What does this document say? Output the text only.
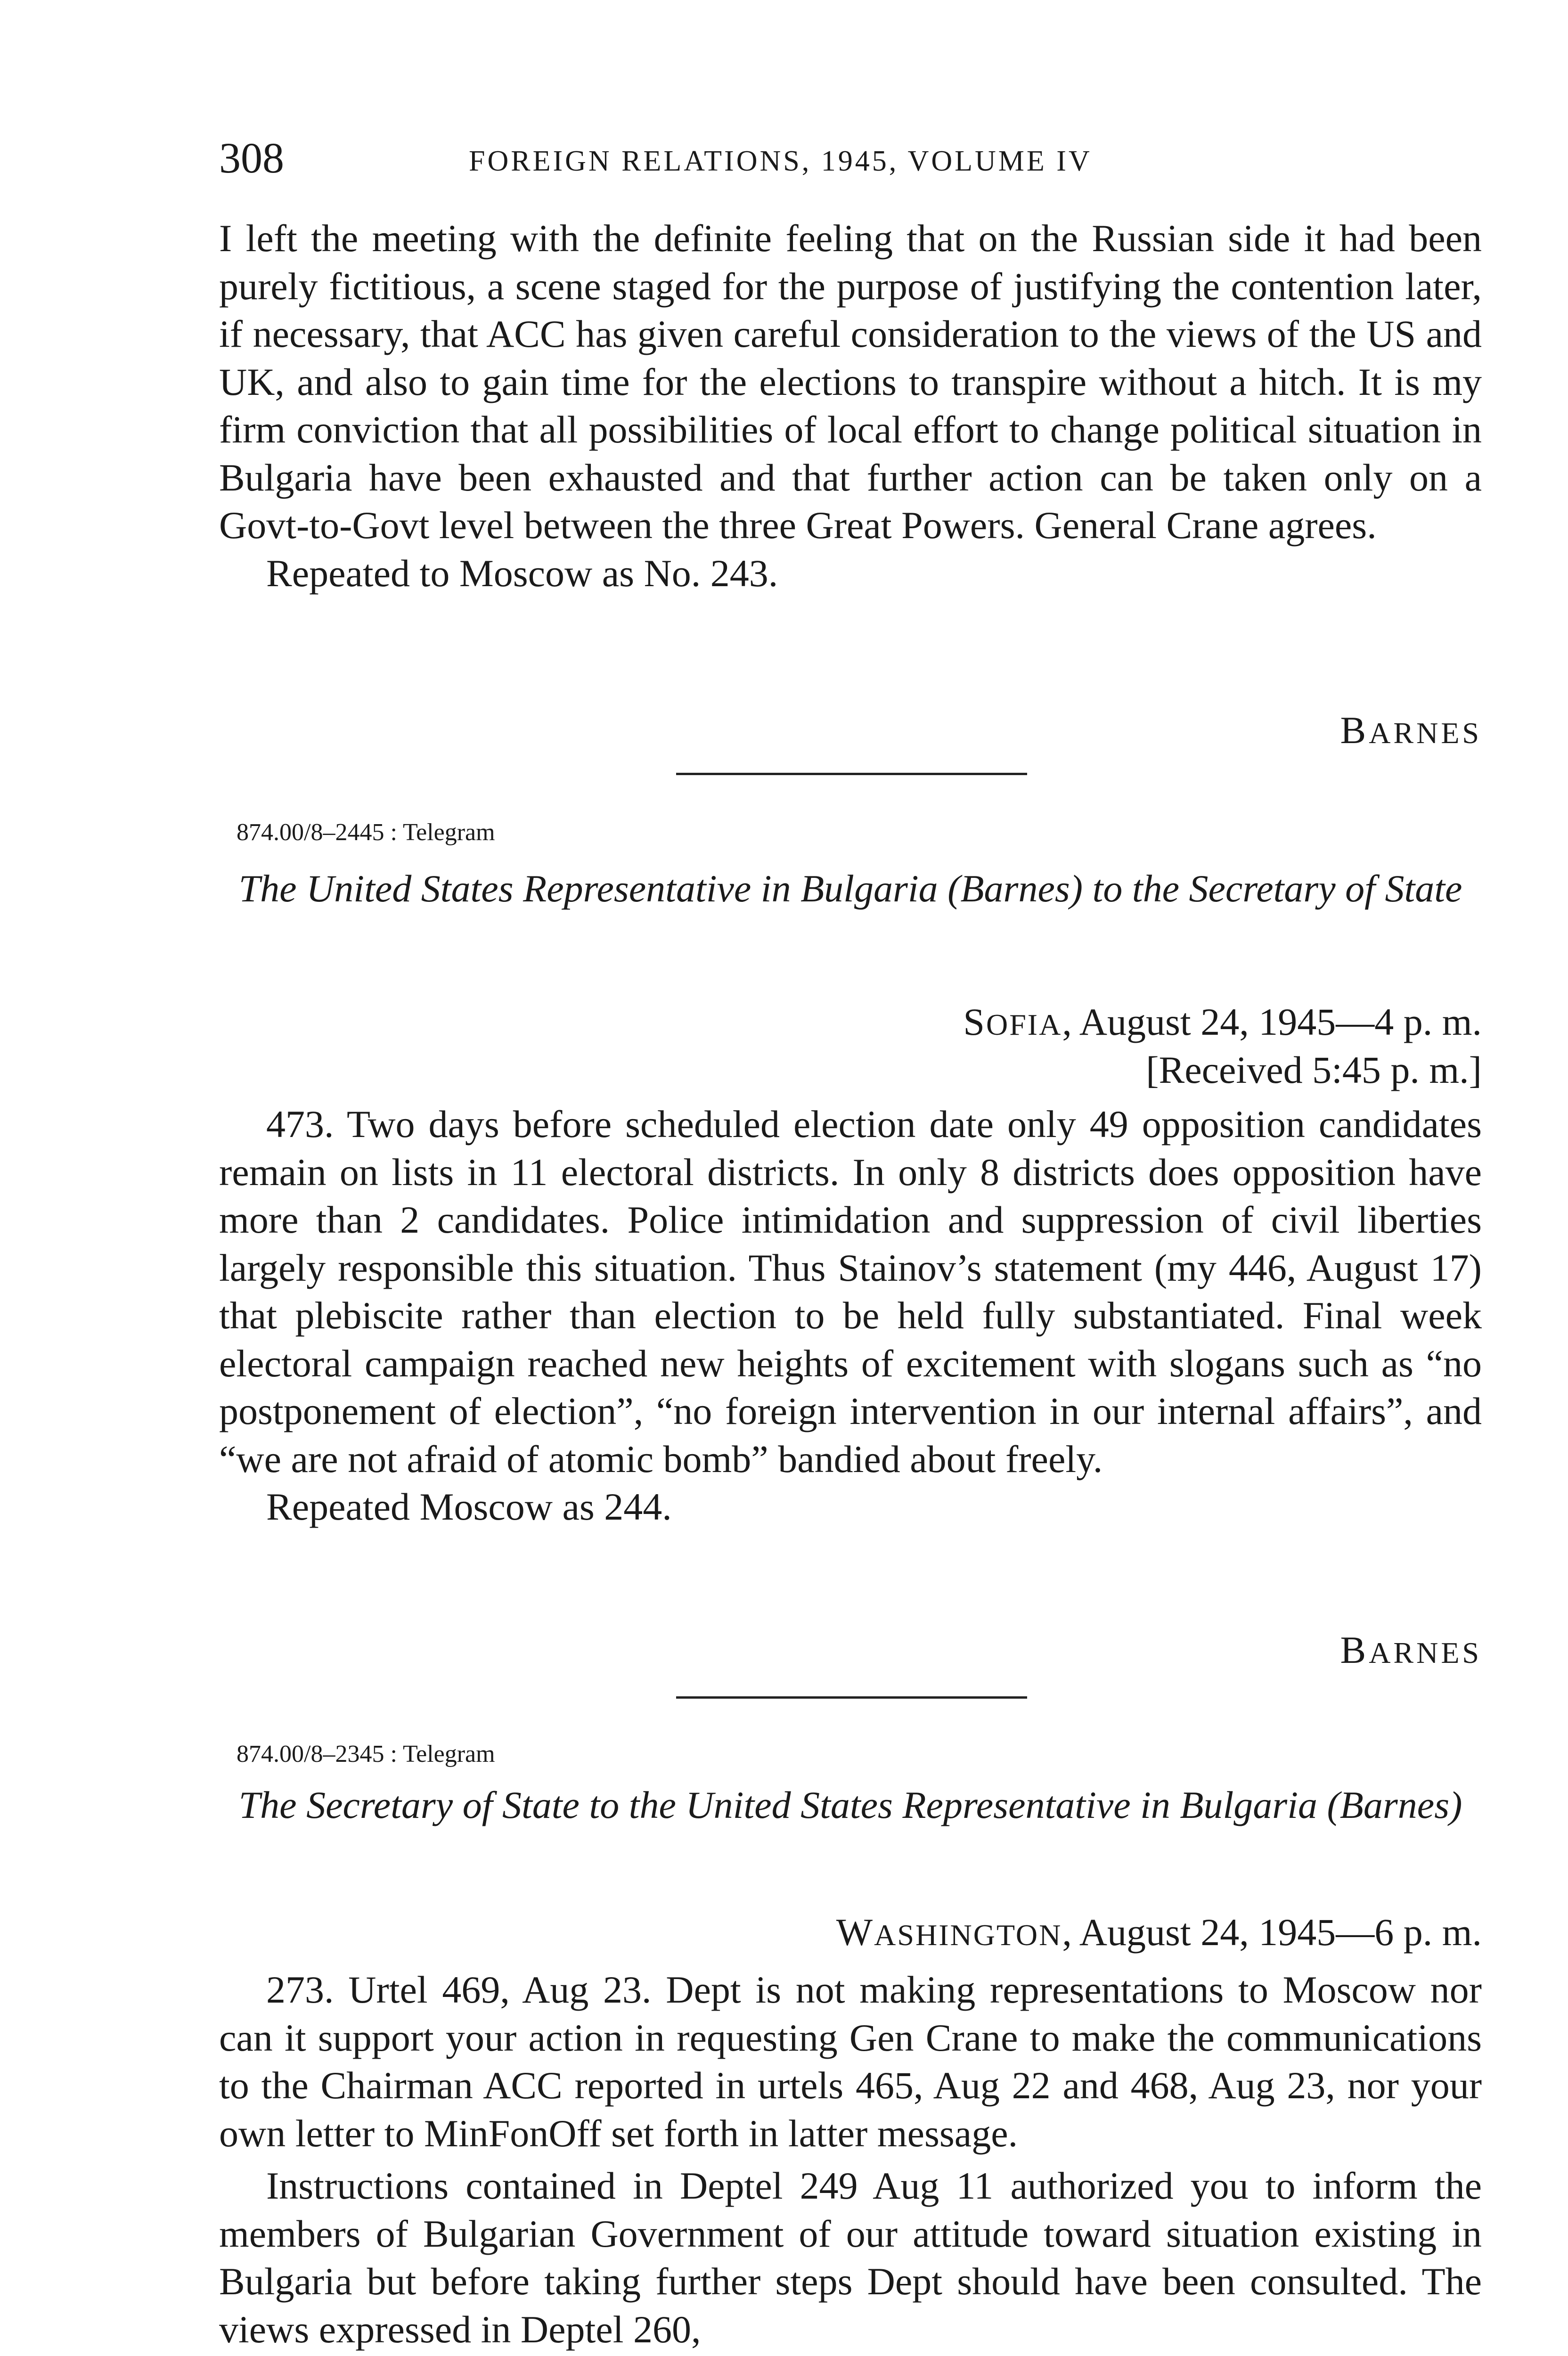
308	FOREIGN RELATIONS, 1945, VOLUME IV

I left the meeting with the definite feeling that on the Russian side it had been purely fictitious, a scene staged for the purpose of justifying the contention later, if necessary, that ACC has given careful consideration to the views of the US and UK, and also to gain time for the elections to transpire without a hitch. It is my firm conviction that all possibilities of local effort to change political situation in Bulgaria have been exhausted and that further action can be taken only on a Govt-to-Govt level between the three Great Powers. General Crane agrees.

Repeated to Moscow as No. 243.

BARNES
874.00/8–2445 : Telegram
The United States Representative in Bulgaria (Barnes) to the Secretary of State
SOFIA, August 24, 1945—4 p. m.
[Received 5:45 p. m.]

473. Two days before scheduled election date only 49 opposition candidates remain on lists in 11 electoral districts. In only 8 districts does opposition have more than 2 candidates. Police intimidation and suppression of civil liberties largely responsible this situation. Thus Stainov’s statement (my 446, August 17) that plebiscite rather than election to be held fully substantiated. Final week electoral campaign reached new heights of excitement with slogans such as “no postponement of election”, “no foreign intervention in our internal affairs”, and “we are not afraid of atomic bomb” bandied about freely.

Repeated Moscow as 244.

BARNES
874.00/8–2345 : Telegram
The Secretary of State to the United States Representative in Bulgaria (Barnes)
WASHINGTON, August 24, 1945—6 p. m.

273. Urtel 469, Aug 23. Dept is not making representations to Moscow nor can it support your action in requesting Gen Crane to make the communications to the Chairman ACC reported in urtels 465, Aug 22 and 468, Aug 23, nor your own letter to MinFonOff set forth in latter message.

Instructions contained in Deptel 249 Aug 11 authorized you to inform the members of Bulgarian Government of our attitude toward situation existing in Bulgaria but before taking further steps Dept should have been consulted. The views expressed in Deptel 260,
